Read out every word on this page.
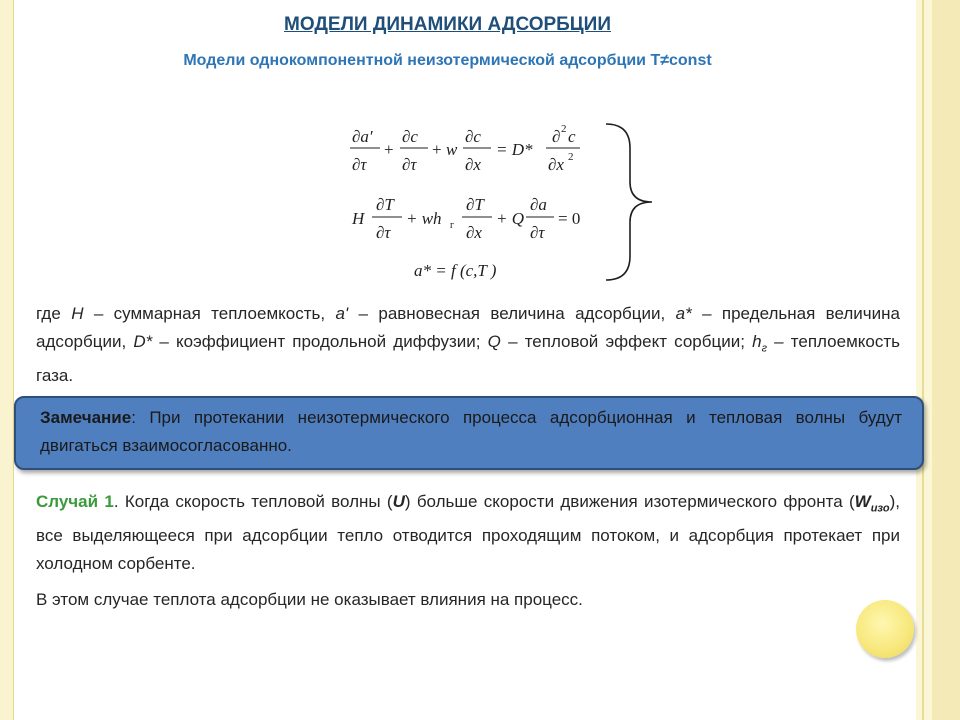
МОДЕЛИ ДИНАМИКИ АДСОРБЦИИ
Модели однокомпонентной неизотермической адсорбции T≠const
∂a′
∂τ
+
∂c
∂τ
+ w
∂c
∂x
= D*
∂ 2 c
∂x 2
H
∂T
∂τ
+ wh г
∂T
∂x
+ Q
∂a
∂τ
= 0
a* = f (c,T )
где H – суммарная теплоемкость, a' – равновесная величина адсорбции, a* – предельная величина адсорбции, D* – коэффициент продольной диффузии; Q – тепловой эффект сорбции; $h_г$ – теплоемкость газа.
Замечание: При протекании неизотермического процесса адсорбционная и тепловая волны будут двигаться взаимосогласованно.
Случай 1. Когда скорость тепловой волны (U) больше скорости движения изотермического фронта $(W_{изо})$, все выделяющееся при адсорбции тепло отводится проходящим потоком, и адсорбция протекает при холодном сорбенте.
В этом случае теплота адсорбции не оказывает влияния на процесс.
